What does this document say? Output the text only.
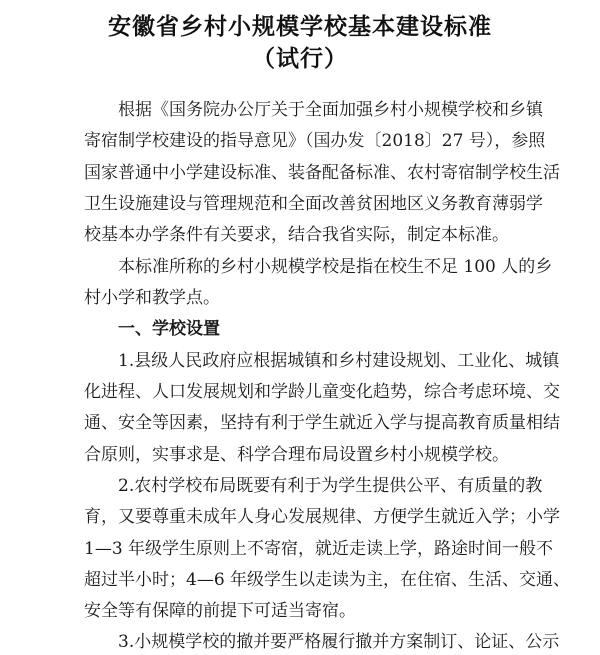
安徽省乡村小规模学校基本建设标准
（试行）
根据《国务院办公厅关于全面加强乡村小规模学校和乡镇
寄宿制学校建设的指导意见》（国办发〔2018〕27 号），参照
国家普通中小学建设标准、装备配备标准、农村寄宿制学校生活
卫生设施建设与管理规范和全面改善贫困地区义务教育薄弱学
校基本办学条件有关要求，结合我省实际，制定本标准。
本标准所称的乡村小规模学校是指在校生不足 100 人的乡
村小学和教学点。
一、学校设置
1.县级人民政府应根据城镇和乡村建设规划、工业化、城镇
化进程、人口发展规划和学龄儿童变化趋势，综合考虑环境、交
通、安全等因素，坚持有利于学生就近入学与提高教育质量相结
合原则，实事求是、科学合理布局设置乡村小规模学校。
2.农村学校布局既要有利于为学生提供公平、有质量的教
育，又要尊重未成年人身心发展规律、方便学生就近入学；小学
1—3 年级学生原则上不寄宿，就近走读上学，路途时间一般不
超过半小时；4—6 年级学生以走读为主，在住宿、生活、交通、
安全等有保障的前提下可适当寄宿。
3.小规模学校的撤并要严格履行撤并方案制订、论证、公示
